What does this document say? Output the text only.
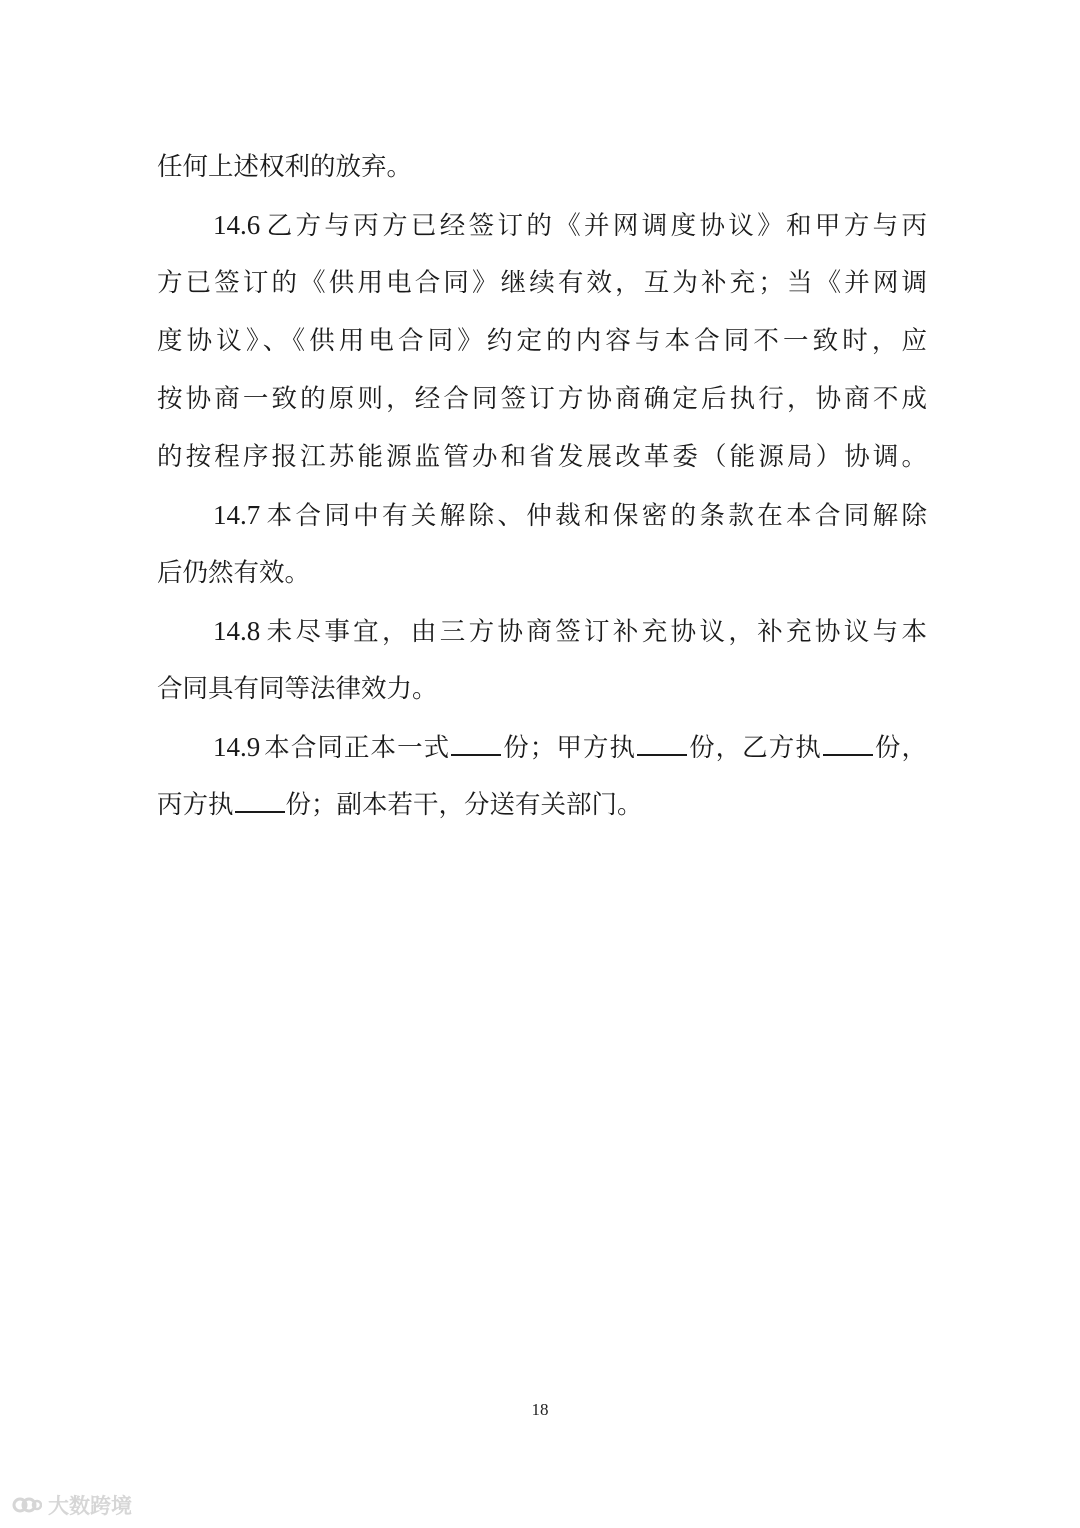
任何上述权利的放弃。
14.6 乙方与丙方已经签订的《并网调度协议》和甲方与丙
方已签订的《供用电合同》继续有效，互为补充；当《并网调
度协议》、《供用电合同》约定的内容与本合同不一致时，应
按协商一致的原则，经合同签订方协商确定后执行，协商不成
的按程序报江苏能源监管办和省发展改革委（能源局）协调。
14.7 本合同中有关解除、仲裁和保密的条款在本合同解除
后仍然有效。
14.8 未尽事宜，由三方协商签订补充协议，补充协议与本
合同具有同等法律效力。
14.9 本合同正本一式 份；甲方执 份，乙方执 份，
丙方执 份；副本若干，分送有关部门。
18
大数跨境
